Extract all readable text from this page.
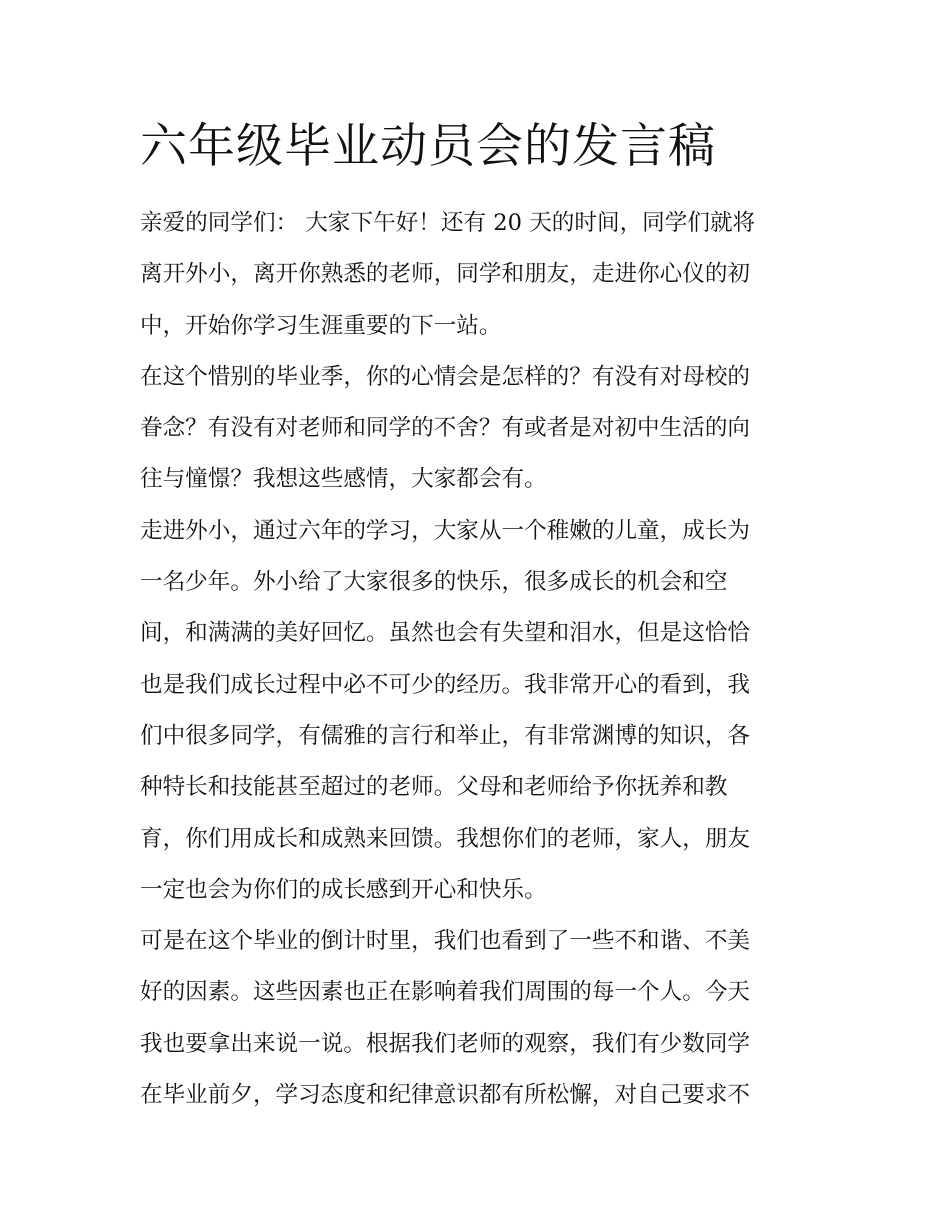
六年级毕业动员会的发言稿

亲爱的同学们： 大家下午好！还有 20 天的时间，同学们就将
离开外小，离开你熟悉的老师，同学和朋友，走进你心仪的初
中，开始你学习生涯重要的下一站。

在这个惜别的毕业季，你的心情会是怎样的？有没有对母校的
眷念？有没有对老师和同学的不舍？有或者是对初中生活的向
往与憧憬？我想这些感情，大家都会有。

走进外小，通过六年的学习，大家从一个稚嫩的儿童，成长为
一名少年。外小给了大家很多的快乐，很多成长的机会和空
间，和满满的美好回忆。虽然也会有失望和泪水，但是这恰恰
也是我们成长过程中必不可少的经历。我非常开心的看到，我
们中很多同学，有儒雅的言行和举止，有非常渊博的知识，各
种特长和技能甚至超过的老师。父母和老师给予你抚养和教
育，你们用成长和成熟来回馈。我想你们的老师，家人，朋友
一定也会为你们的成长感到开心和快乐。

可是在这个毕业的倒计时里，我们也看到了一些不和谐、不美
好的因素。这些因素也正在影响着我们周围的每一个人。今天
我也要拿出来说一说。根据我们老师的观察，我们有少数同学
在毕业前夕，学习态度和纪律意识都有所松懈，对自己要求不
